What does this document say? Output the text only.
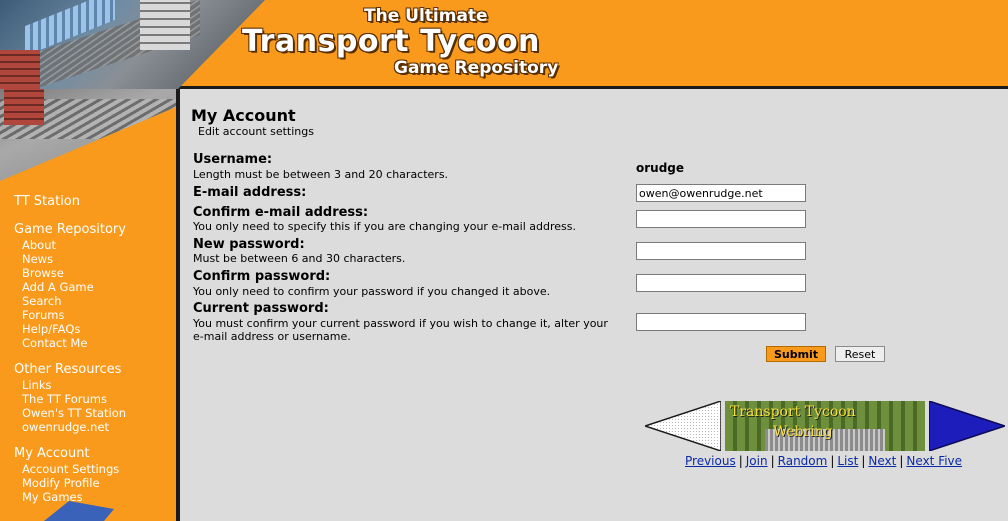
The Ultimate
Transport Tycoon
Game Repository
TT Station
Game Repository
About
News
Browse
Add A Game
Search
Forums
Help/FAQs
Contact Me
Other Resources
Links
The TT Forums
Owen's TT Station
owenrudge.net
My Account
Account Settings
Modify Profile
My Games
My Account
Edit account settings
Username:
Length must be between 3 and 20 characters.	orudge
E-mail address:
owen@owenrudge.net
Confirm e-mail address:
You only need to specify this if you are changing your e-mail address.
New password:
Must be between 6 and 30 characters.
Confirm password:
You only need to confirm your password if you changed it above.
Current password:
You must confirm your current password if you wish to change it, alter your
e-mail address or username.
Submit	Reset
Transport Tycoon
Webring
Previous | Join | Random | List | Next | Next Five
